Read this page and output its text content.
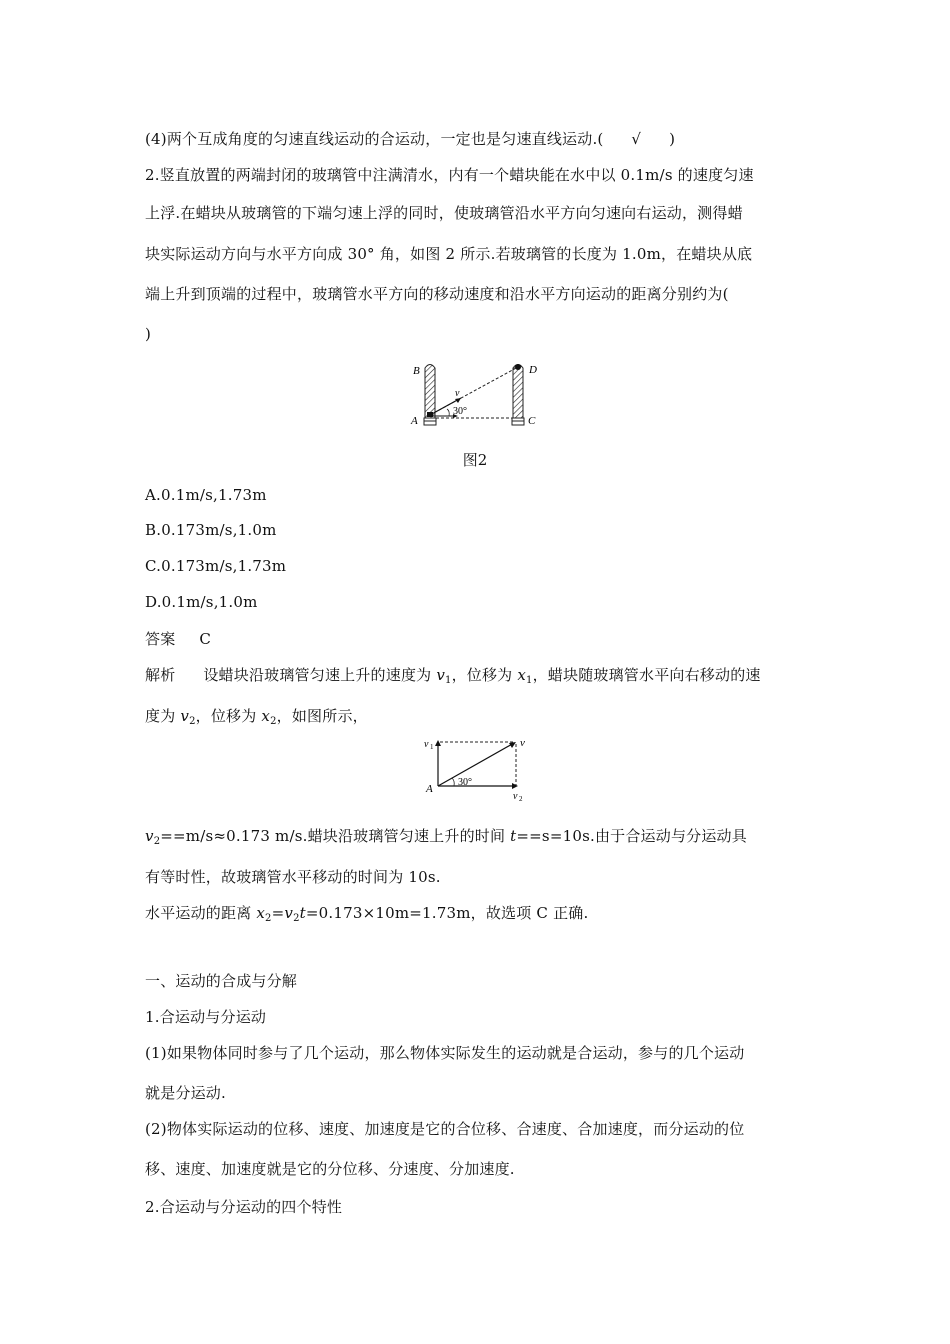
(4)两个互成角度的匀速直线运动的合运动，一定也是匀速直线运动.( √ )
2.竖直放置的两端封闭的玻璃管中注满清水，内有一个蜡块能在水中以 0.1m/s 的速度匀速
上浮.在蜡块从玻璃管的下端匀速上浮的同时，使玻璃管沿水平方向匀速向右运动，测得蜡
块实际运动方向与水平方向成 30° 角，如图 2 所示.若玻璃管的长度为 1.0m，在蜡块从底
端上升到顶端的过程中，玻璃管水平方向的移动速度和沿水平方向运动的距离分别约为(
)
B
A
D
C
v
30°
图2
A.0.1m/s,1.73m
B.0.173m/s,1.0m
C.0.173m/s,1.73m
D.0.1m/s,1.0m
答案 C
解析 设蜡块沿玻璃管匀速上升的速度为 $v_1$，位移为 $x_1$，蜡块随玻璃管水平向右移动的速
度为 $v_2$，位移为 $x_2$，如图所示，
v 1	v
A
30°
v 2
$v_2==m/s\approx 0.173$ m/s.蜡块沿玻璃管匀速上升的时间 t==s=10s.由于合运动与分运动具
有等时性，故玻璃管水平移动的时间为 10s.
水平运动的距离 $x_2=v_2t=0.173\times 10m=1.73m$，故选项 C 正确.
一、运动的合成与分解
1.合运动与分运动
(1)如果物体同时参与了几个运动，那么物体实际发生的运动就是合运动，参与的几个运动
就是分运动.
(2)物体实际运动的位移、速度、加速度是它的合位移、合速度、合加速度，而分运动的位
移、速度、加速度就是它的分位移、分速度、分加速度.
2.合运动与分运动的四个特性
